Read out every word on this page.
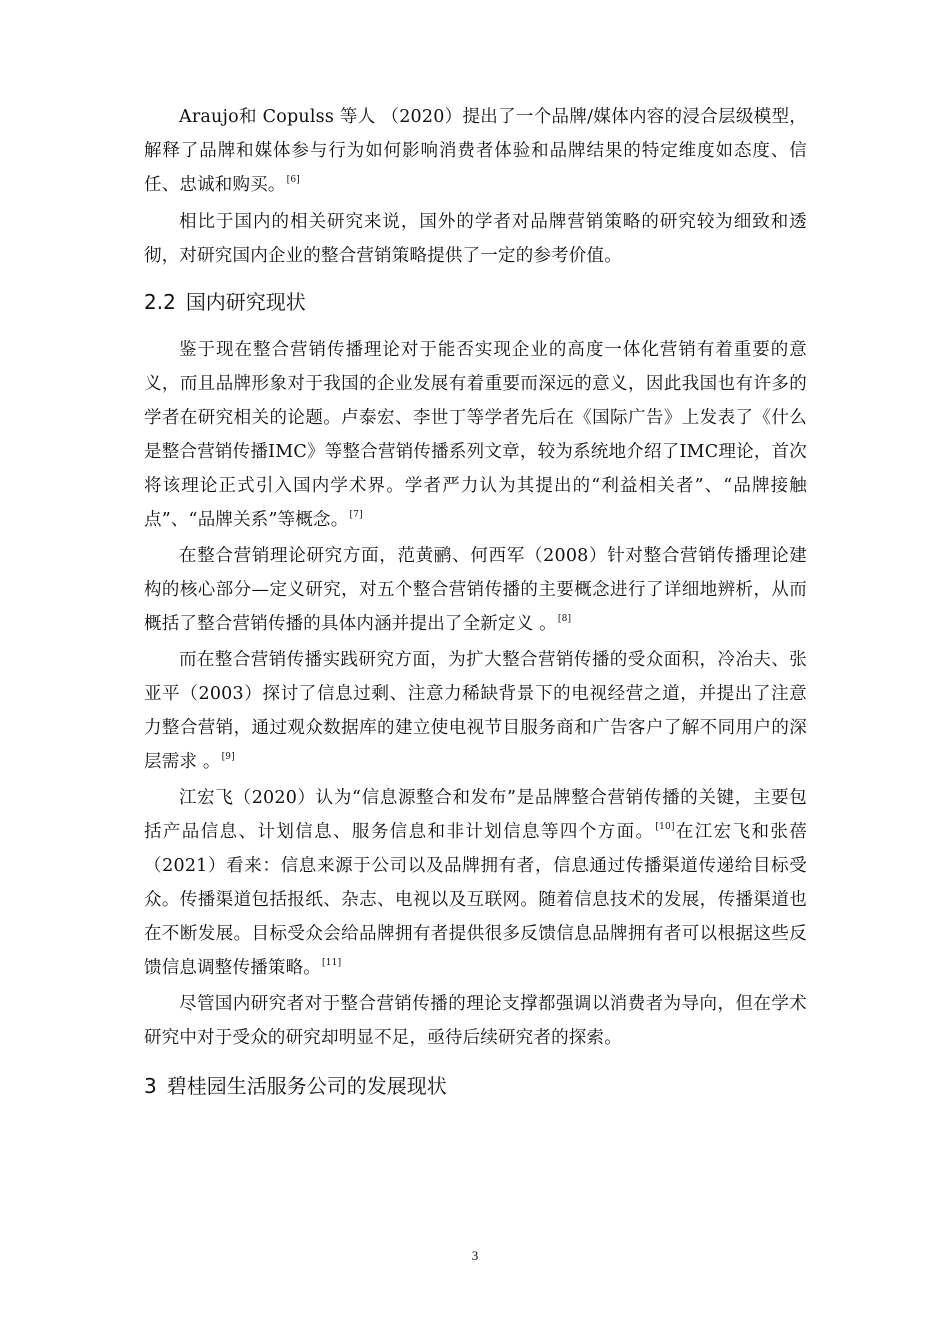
Araujo和 Copulss 等人 （2020）提出了一个品牌/媒体内容的浸合层级模型，解释了品牌和媒体参与行为如何影响消费者体验和品牌结果的特定维度如态度、信任、忠诚和购买。[6]

相比于国内的相关研究来说，国外的学者对品牌营销策略的研究较为细致和透彻，对研究国内企业的整合营销策略提供了一定的参考价值。

2.2 国内研究现状

鉴于现在整合营销传播理论对于能否实现企业的高度一体化营销有着重要的意义，而且品牌形象对于我国的企业发展有着重要而深远的意义，因此我国也有许多的学者在研究相关的论题。卢泰宏、李世丁等学者先后在《国际广告》上发表了《什么是整合营销传播IMC》等整合营销传播系列文章，较为系统地介绍了IMC理论，首次将该理论正式引入国内学术界。学者严力认为其提出的“利益相关者”、“品牌接触点”、“品牌关系”等概念。[7]

在整合营销理论研究方面，范黄鹂、何西军（2008）针对整合营销传播理论建构的核心部分—定义研究，对五个整合营销传播的主要概念进行了详细地辨析，从而概括了整合营销传播的具体内涵并提出了全新定义 。[8]

而在整合营销传播实践研究方面，为扩大整合营销传播的受众面积，冷冶夫、张亚平（2003）探讨了信息过剩、注意力稀缺背景下的电视经营之道，并提出了注意力整合营销，通过观众数据库的建立使电视节目服务商和广告客户了解不同用户的深层需求 。[9]

江宏飞（2020）认为“信息源整合和发布”是品牌整合营销传播的关键，主要包括产品信息、计划信息、服务信息和非计划信息等四个方面。[10]在江宏飞和张蓓（2021）看来：信息来源于公司以及品牌拥有者，信息通过传播渠道传递给目标受众。传播渠道包括报纸、杂志、电视以及互联网。随着信息技术的发展，传播渠道也在不断发展。目标受众会给品牌拥有者提供很多反馈信息品牌拥有者可以根据这些反馈信息调整传播策略。[11]

尽管国内研究者对于整合营销传播的理论支撑都强调以消费者为导向，但在学术研究中对于受众的研究却明显不足，亟待后续研究者的探索。

3 碧桂园生活服务公司的发展现状
3
